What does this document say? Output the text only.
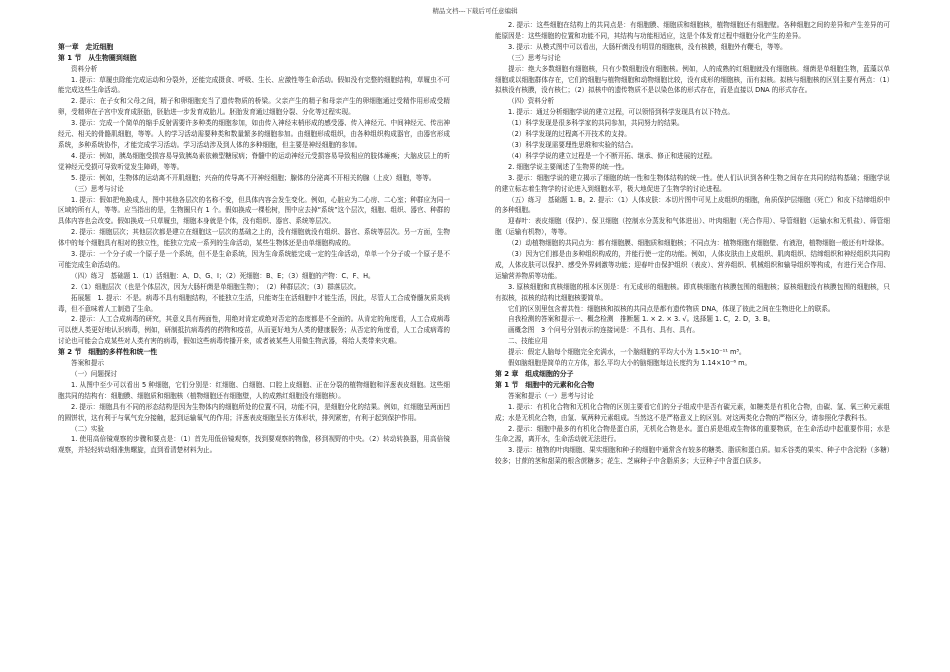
精品文档---下载后可任意编辑

第一章　走近细胞

第 1 节　从生物圈到细胞

资料分析

1. 提示：草履虫除能完成运动和分裂外，还能完成摄食、呼吸、生长、应激性等生命活动。假如没有完整的细胞结构，草履虫不可能完成这些生命活动。

2. 提示：在子女和父母之间，精子和卵细胞充当了遗传物质的桥梁。父亲产生的精子和母亲产生的卵细胞通过受精作用形成受精卵，受精卵在子宫中发育成胚胎，胚胎进一步发育成胎儿。胚胎发育通过细胞分裂、分化等过程实现。

3. 提示：完成一个简单的缩手反射需要许多种类的细胞参加，如由传入神经末梢形成的感受器、传入神经元、中间神经元、传出神经元、相关的骨骼肌细胞，等等。人的学习活动需要种类和数量繁多的细胞参加。由细胞形成组织，由各种组织构成器官，由器官形成系统，多种系统协作，才能完成学习活动。学习活动涉及到人体的多种细胞，但主要是神经细胞的参加。

4. 提示：例如，胰岛细胞受损容易导致胰岛素依赖型糖尿病；脊髓中的运动神经元受损容易导致相应的肢体瘫痪；大脑皮层上的听觉神经元受损可导致听觉发生障碍，等等。

5. 提示：例如，生物体的运动离不开肌细胞；兴奋的传导离不开神经细胞；腺体的分泌离不开相关的腺（上皮）细胞，等等。

（三）思考与讨论

1. 提示：假如把龟换成人，图中其他各层次的名称不变，但具体内容会发生变化。例如，心脏应为二心房、二心室；种群应为同一区域的所有人，等等。应当指出的是，生物圈只有 1 个。假如换成一棵松树，图中应去掉“系统”这个层次，细胞、组织、器官、种群的具体内容也会改变。假如换成一只草履虫，细胞本身就是个体，没有组织、器官、系统等层次。

2. 提示：细胞层次；其他层次都是建立在细胞这一层次的基础之上的，没有细胞就没有组织、器官、系统等层次。另一方面，生物体中的每个细胞具有相对的独立性，能独立完成一系列的生命活动，某些生物体还是由单细胞构成的。

3. 提示：一个分子或一个原子是一个系统，但不是生命系统，因为生命系统能完成一定的生命活动，单单一个分子或一个原子是不可能完成生命活动的。

（四）练习　基础题 1.（1）活细胞：A、D、G、I；（2）死细胞：B、E；（3）细胞的产物：C、F、H。

2.（1）细胞层次（也是个体层次，因为大肠杆菌是单细胞生物）；　（2）种群层次；（3）群落层次。

拓展题　1. 提示：不是。病毒不具有细胞结构，不能独立生活，只能寄生在活细胞中才能生活，因此，尽管人工合成脊髓灰质炎病毒，但不意味着人工制造了生命。

2. 提示：人工合成病毒的研究，其意义具有两面性，用绝对肯定或绝对否定的态度都是不全面的。从肯定的角度看，人工合成病毒可以使人类更好地认识病毒，例如，研制抵抗病毒药的药物和疫苗，从而更好地为人类的健康服务；从否定的角度看，人工合成病毒的讨论也可能会合成某些对人类有害的病毒，假如这些病毒传播开来，或者被某些人用做生物武器，将给人类带来灾难。

第 2 节　细胞的多样性和统一性

答案和提示

（一）问题探讨

1. 从图中至少可以看出 5 种细胞，它们分别是：红细胞、白细胞、口腔上皮细胞、正在分裂的植物细胞和洋葱表皮细胞。这些细胞共同的结构有：细胞膜、细胞质和细胞核（植物细胞还有细胞壁，人的成熟红细胞没有细胞核）。

2. 提示：细胞具有不同的形态结构是因为生物体内的细胞所处的位置不同，功能不同，是细胞分化的结果。例如，红细胞呈两面凹的圆饼状，这有利于与氧气充分接触，起到运输氧气的作用；洋葱表皮细胞呈长方体形状，排列紧密，有利于起到保护作用。

（二）实验

1. 使用高倍镜观察的步骤和要点是：（1）首先用低倍镜观察，找到要观察的物像，移到视野的中央。（2）转动转换器，用高倍镜观察，并轻轻转动细准焦螺旋，直到看清楚材料为止。

2. 提示：这些细胞在结构上的共同点是：有细胞膜、细胞质和细胞核，植物细胞还有细胞壁。各种细胞之间的差异和产生差异的可能原因是：这些细胞的位置和功能不同，其结构与功能相适应，这是个体发育过程中细胞分化产生的差异。

3. 提示：从模式图中可以看出，大肠杆菌没有明显的细胞核，没有核膜，细胞外有鞭毛，等等。

（三）思考与讨论

提示：绝大多数细胞有细胞核，只有少数细胞没有细胞核。例如，人的成熟的红细胞就没有细胞核。细菌是单细胞生物，蓝藻以单细胞或以细胞群体存在，它们的细胞与植物细胞和动物细胞比较，没有成形的细胞核，而有拟核。拟核与细胞核的区别主要有两点：（1）拟核没有核膜，没有核仁；（2）拟核中的遗传物质不是以染色体的形式存在，而是直接以 DNA 的形式存在。

（四）资料分析

1. 提示：通过分析细胞学说的建立过程，可以领悟到科学发现具有以下特点。

（1）科学发现是很多科学家的共同参加，共同努力的结果。

（2）科学发现的过程离不开技术的支持。

（3）科学发现需要理性思维和实验的结合。

（4）科学学说的建立过程是一个不断开拓、继承、修正和进展的过程。

2. 细胞学说主要阐述了生物界的统一性。

3. 提示：细胞学说的建立揭示了细胞的统一性和生物体结构的统一性。使人们认识到各种生物之间存在共同的结构基础；细胞学说的建立标志着生物学的讨论进入到细胞水平，极大地促进了生物学的讨论进程。

（五）练习　基础题 1. B。2. 提示：（1）人体皮肤：本切片图中可见上皮组织的细胞，角质保护层细胞（死亡）和皮下结缔组织中的多种细胞。

迎春叶：表皮细胞（保护）、保卫细胞（控制水分蒸发和气体进出）、叶肉细胞（光合作用）、导管细胞（运输水和无机盐）、筛管细胞（运输有机物），等等。

（2）动植物细胞的共同点为：都有细胞膜、细胞质和细胞核；不同点为：植物细胞有细胞壁、有液泡，植物细胞一般还有叶绿体。

（3）因为它们都是由多种组织构成的，并能行使一定的功能。例如，人体皮肤由上皮组织、肌肉组织、结缔组织和神经组织共同构成，人体皮肤可以保护、感受外界刺激等功能；迎春叶由保护组织（表皮）、营养组织、机械组织和输导组织等构成，有进行光合作用、运输营养物质等功能。

3. 原核细胞和真核细胞的根本区别是：有无成形的细胞核。即真核细胞有核膜包围的细胞核；原核细胞没有核膜包围的细胞核，只有拟核，拟核的结构比细胞核要简单。

它们的区别里包含着共性：细胞核和拟核的共同点是都有遗传物质 DNA，体现了彼此之间在生物进化上的联系。

自我检测的答案和提示一、概念检测　推断题 1. × 2. × 3. √。选择题 1. C，2. D，3. B。

画概念图　3 个问号分别表示的连接词是：不具有、具有、具有。

二、技能应用

提示：假定人脑每个细胞完全充满水，一个脑细胞的平均大小为 1.5×10⁻¹¹ m³。

假如脑细胞是简单的立方体，那么平均大小的脑细胞每边长度约为 1.14×10⁻⁶ m。

第 2 章　组成细胞的分子

第 1 节　细胞中的元素和化合物

答案和提示（一）思考与讨论

1. 提示：有机化合物和无机化合物的区别主要看它们的分子组成中是否有碳元素，如糖类是有机化合物，由碳、氢、氧三种元素组成；水是无机化合物，由氢、氧两种元素组成。当然这不是严格意义上的区别。对这两类化合物的严格区分，请参照化学教科书。

2. 提示：细胞中最多的有机化合物是蛋白质，无机化合物是水。蛋白质是组成生物体的重要物质，在生命活动中起重要作用；水是生命之源，离开水，生命活动就无法进行。

3. 提示：植物的叶肉细胞、果实细胞和种子的细胞中通常含有较多的糖类、脂质和蛋白质。如禾谷类的果实、种子中含淀粉（多糖）较多；甘蔗的茎和甜菜的根含蔗糖多；花生、芝麻种子中含脂质多；大豆种子中含蛋白质多。
